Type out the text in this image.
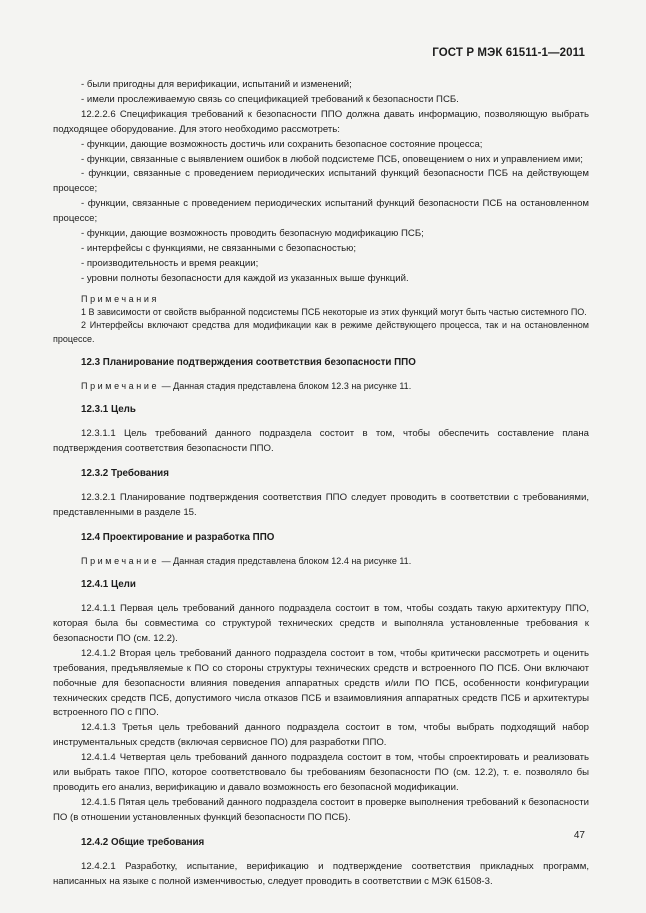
ГОСТ Р МЭК 61511-1—2011

- были пригодны для верификации, испытаний и изменений;

- имели прослеживаемую связь со спецификацией требований к безопасности ПСБ.

12.2.2.6 Спецификация требований к безопасности ППО должна давать информацию, позволяющую выбрать подходящее оборудование. Для этого необходимо рассмотреть:

- функции, дающие возможность достичь или сохранить безопасное состояние процесса;

- функции, связанные с выявлением ошибок в любой подсистеме ПСБ, оповещением о них и управлением ими;

- функции, связанные с проведением периодических испытаний функций безопасности ПСБ на действующем процессе;

- функции, связанные с проведением периодических испытаний функций безопасности ПСБ на остановленном процессе;

- функции, дающие возможность проводить безопасную модификацию ПСБ;

- интерфейсы с функциями, не связанными с безопасностью;

- производительность и время реакции;

- уровни полноты безопасности для каждой из указанных выше функций.

Примечания

1 В зависимости от свойств выбранной подсистемы ПСБ некоторые из этих функций могут быть частью системного ПО.

2 Интерфейсы включают средства для модификации как в режиме действующего процесса, так и на остановленном процессе.

12.3 Планирование подтверждения соответствия безопасности ППО

Примечание — Данная стадия представлена блоком 12.3 на рисунке 11.

12.3.1 Цель

12.3.1.1 Цель требований данного подраздела состоит в том, чтобы обеспечить составление плана подтверждения соответствия безопасности ППО.

12.3.2 Требования

12.3.2.1 Планирование подтверждения соответствия ППО следует проводить в соответствии с требованиями, представленными в разделе 15.

12.4 Проектирование и разработка ППО

Примечание — Данная стадия представлена блоком 12.4 на рисунке 11.

12.4.1 Цели

12.4.1.1 Первая цель требований данного подраздела состоит в том, чтобы создать такую архитектуру ППО, которая была бы совместима со структурой технических средств и выполняла установленные требования к безопасности ПО (см. 12.2).

12.4.1.2 Вторая цель требований данного подраздела состоит в том, чтобы критически рассмотреть и оценить требования, предъявляемые к ПО со стороны структуры технических средств и встроенного ПО ПСБ. Они включают побочные для безопасности влияния поведения аппаратных средств и/или ПО ПСБ, особенности конфигурации технических средств ПСБ, допустимого числа отказов ПСБ и взаимовлияния аппаратных средств ПСБ и архитектуры встроенного ПО с ППО.

12.4.1.3 Третья цель требований данного подраздела состоит в том, чтобы выбрать подходящий набор инструментальных средств (включая сервисное ПО) для разработки ППО.

12.4.1.4 Четвертая цель требований данного подраздела состоит в том, чтобы спроектировать и реализовать или выбрать такое ППО, которое соответствовало бы требованиям безопасности ПО (см. 12.2), т. е. позволяло бы проводить его анализ, верификацию и давало возможность его безопасной модификации.

12.4.1.5 Пятая цель требований данного подраздела состоит в проверке выполнения требований к безопасности ПО (в отношении установленных функций безопасности ПО ПСБ).

12.4.2 Общие требования

12.4.2.1 Разработку, испытание, верификацию и подтверждение соответствия прикладных программ, написанных на языке с полной изменчивостью, следует проводить в соответствии с МЭК 61508-3.

47
